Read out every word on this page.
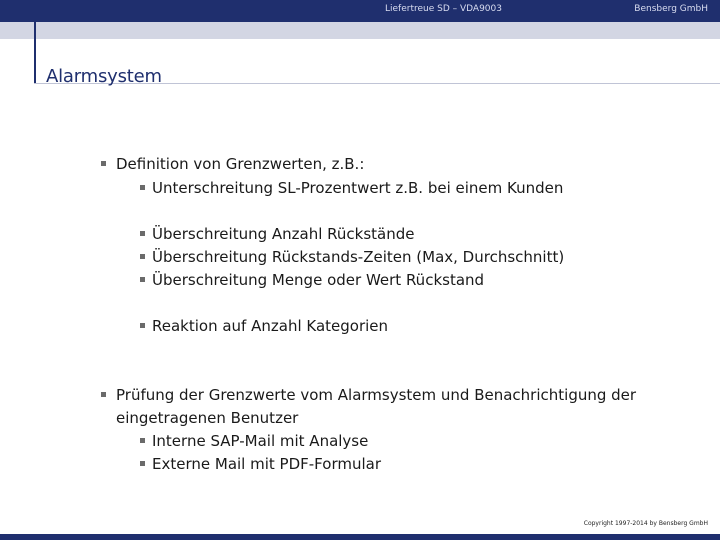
Liefertreue SD – VDA9003	Bensberg GmbH
Alarmsystem
Definition von Grenzwerten, z.B.:
Unterschreitung SL-Prozentwert z.B. bei einem Kunden
Überschreitung Anzahl Rückstände
Überschreitung Rückstands-Zeiten (Max, Durchschnitt)
Überschreitung Menge oder Wert Rückstand
Reaktion auf Anzahl Kategorien
Prüfung der Grenzwerte vom Alarmsystem und Benachrichtigung der
eingetragenen Benutzer
Interne SAP-Mail mit Analyse
Externe Mail mit PDF-Formular
Copyright 1997-2014 by Bensberg GmbH
